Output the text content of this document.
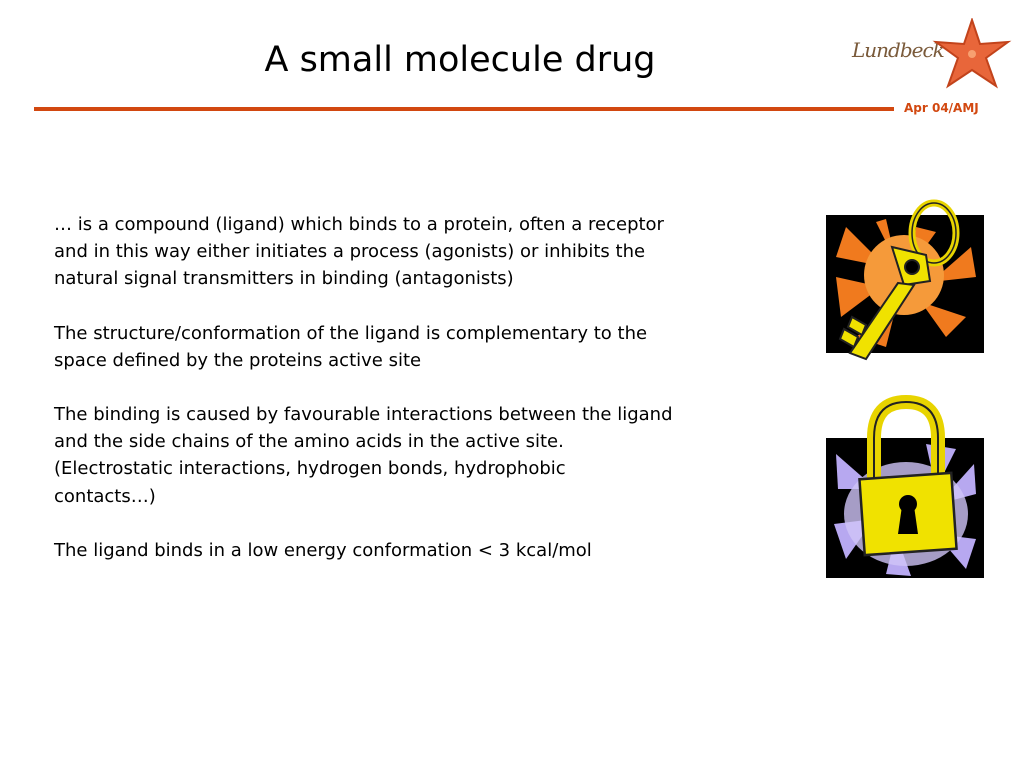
A small molecule drug	Lundbeck
Apr 04/AMJ

… is a compound (ligand) which binds to a protein, often a receptor
and in this way either initiates a process (agonists) or inhibits the
natural signal transmitters in binding (antagonists)

The structure/conformation of the ligand is complementary to the
space defined by the proteins active site

The binding is caused by favourable interactions between the ligand
and the side chains of the amino acids in the active site.
(Electrostatic interactions, hydrogen bonds, hydrophobic
contacts…)

The ligand binds in a low energy conformation < 3 kcal/mol
